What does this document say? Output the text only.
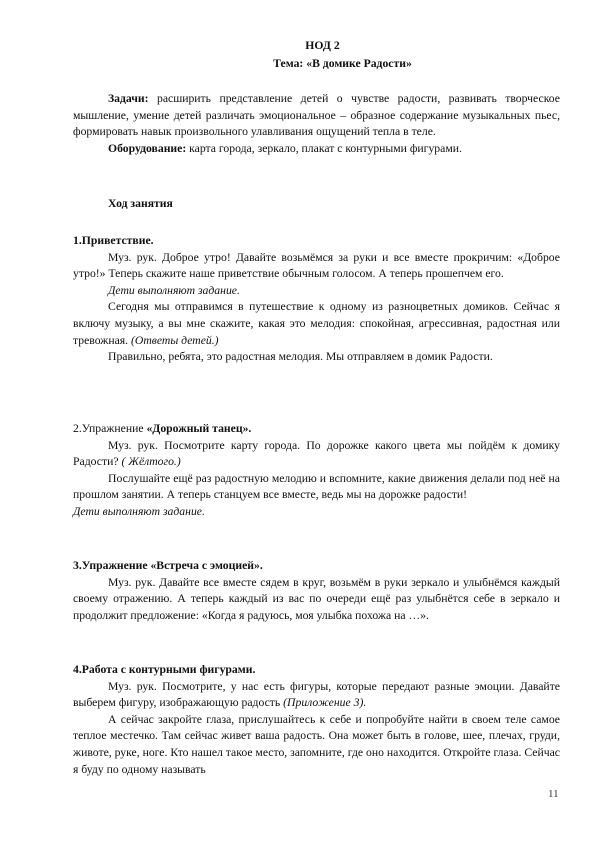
НОД 2
Тема: «В домике Радости»

Задачи: расширить представление детей о чувстве радости, развивать творческое мышление, умение детей различать эмоциональное – образное содержание музыкальных пьес, формировать навык произвольного улавливания ощущений тепла в теле.

Оборудование: карта города, зеркало, плакат с контурными фигурами.

Ход занятия

1.Приветствие.

Муз. рук. Доброе утро! Давайте возьмёмся за руки и все вместе прокричим: «Доброе утро!» Теперь скажите наше приветствие обычным голосом. А теперь прошепчем его.

Дети выполняют задание.

Сегодня мы отправимся в путешествие к одному из разноцветных домиков. Сейчас я включу музыку, а вы мне скажите, какая это мелодия: спокойная, агрессивная, радостная или тревожная. (Ответы детей.)

Правильно, ребята, это радостная мелодия. Мы отправляем в домик Радости.

2.Упражнение «Дорожный танец».

Муз. рук. Посмотрите карту города. По дорожке какого цвета мы пойдём к домику Радости? ( Жёлтого.)

Послушайте ещё раз радостную мелодию и вспомните, какие движения делали под неё на прошлом занятии. А теперь станцуем все вместе, ведь мы на дорожке радости!

Дети выполняют задание.

3.Упражнение «Встреча с эмоцией».

Муз. рук. Давайте все вместе сядем в круг, возьмём в руки зеркало и улыбнёмся каждый своему отражению. А теперь каждый из вас по очереди ещё раз улыбнётся себе в зеркало и продолжит предложение: «Когда я радуюсь, моя улыбка похожа на …».

4.Работа с контурными фигурами.

Муз. рук. Посмотрите, у нас есть фигуры, которые передают разные эмоции. Давайте выберем фигуру, изображающую радость (Приложение 3).

А сейчас закройте глаза, прислушайтесь к себе и попробуйте найти в своем теле самое теплое местечко. Там сейчас живет ваша радость. Она может быть в голове, шее, плечах, груди, животе, руке, ноге. Кто нашел такое место, запомните, где оно находится. Откройте глаза. Сейчас я буду по одному называть

11
